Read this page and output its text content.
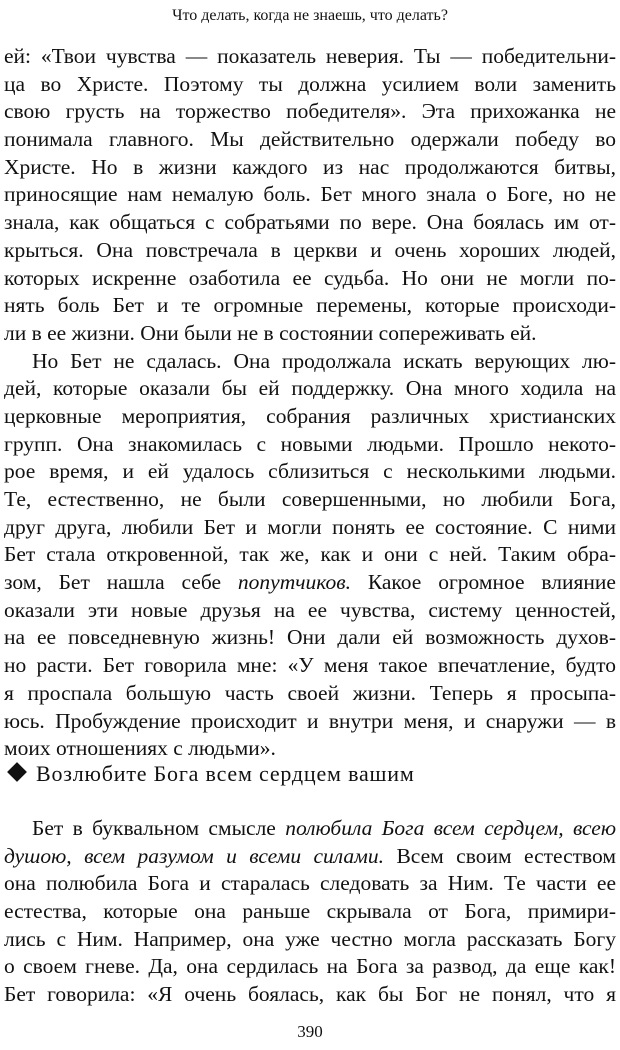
Что делать, когда не знаешь, что делать?
ей: «Твои чувства — показатель неверия. Ты — победительни-
ца во Христе. Поэтому ты должна усилием воли заменить
свою грусть на торжество победителя». Эта прихожанка не
понимала главного. Мы действительно одержали победу во
Христе. Но в жизни каждого из нас продолжаются битвы,
приносящие нам немалую боль. Бет много знала о Боге, но не
знала, как общаться с собратьями по вере. Она боялась им от-
крыться. Она повстречала в церкви и очень хороших людей,
которых искренне озаботила ее судьба. Но они не могли по-
нять боль Бет и те огромные перемены, которые происходи-
ли в ее жизни. Они были не в состоянии сопереживать ей.
Но Бет не сдалась. Она продолжала искать верующих лю-
дей, которые оказали бы ей поддержку. Она много ходила на
церковные мероприятия, собрания различных христианских
групп. Она знакомилась с новыми людьми. Прошло некото-
рое время, и ей удалось сблизиться с несколькими людьми.
Те, естественно, не были совершенными, но любили Бога,
друг друга, любили Бет и могли понять ее состояние. С ними
Бет стала откровенной, так же, как и они с ней. Таким обра-
зом, Бет нашла себе попутчиков. Какое огромное влияние
оказали эти новые друзья на ее чувства, систему ценностей,
на ее повседневную жизнь! Они дали ей возможность духов-
но расти. Бет говорила мне: «У меня такое впечатление, будто
я проспала большую часть своей жизни. Теперь я просыпа-
юсь. Пробуждение происходит и внутри меня, и снаружи — в
моих отношениях с людьми».
Возлюбите Бога всем сердцем вашим
Бет в буквальном смысле полюбила Бога всем сердцем, всею
душою, всем разумом и всеми силами. Всем своим естеством
она полюбила Бога и старалась следовать за Ним. Те части ее
естества, которые она раньше скрывала от Бога, примири-
лись с Ним. Например, она уже честно могла рассказать Богу
о своем гневе. Да, она сердилась на Бога за развод, да еще как!
Бет говорила: «Я очень боялась, как бы Бог не понял, что я
390
